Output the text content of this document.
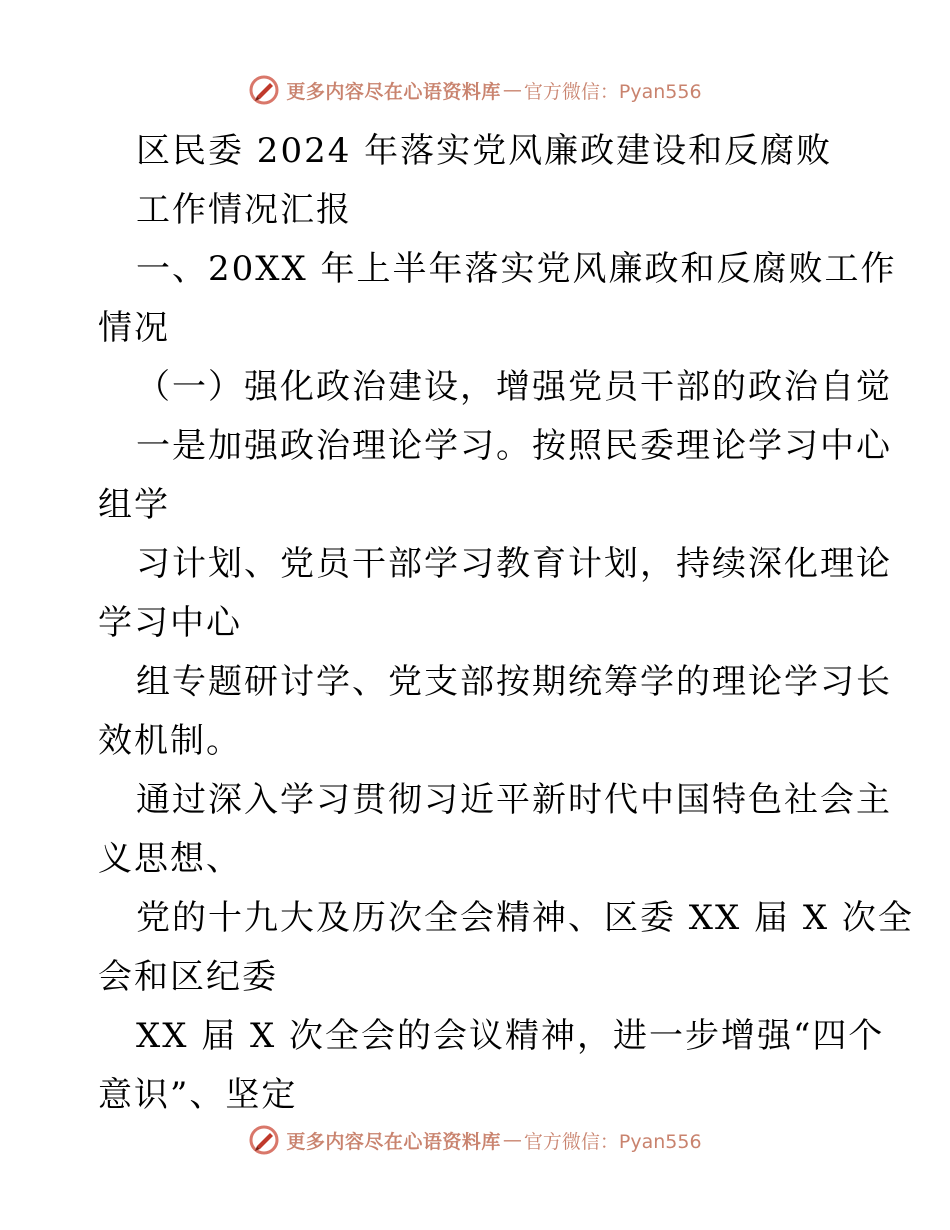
更多内容尽在心语资料库 — 官方微信：Pyan556
区民委 2024 年落实党风廉政建设和反腐败
工作情况汇报
一、20XX 年上半年落实党风廉政和反腐败工作
情况
（一）强化政治建设，增强党员干部的政治自觉
一是加强政治理论学习。按照民委理论学习中心
组学
习计划、党员干部学习教育计划，持续深化理论
学习中心
组专题研讨学、党支部按期统筹学的理论学习长
效机制。
通过深入学习贯彻习近平新时代中国特色社会主
义思想、
党的十九大及历次全会精神、区委 XX 届 X 次全
会和区纪委
XX 届 X 次全会的会议精神，进一步增强“四个
意识”、坚定
更多内容尽在心语资料库 — 官方微信：Pyan556
